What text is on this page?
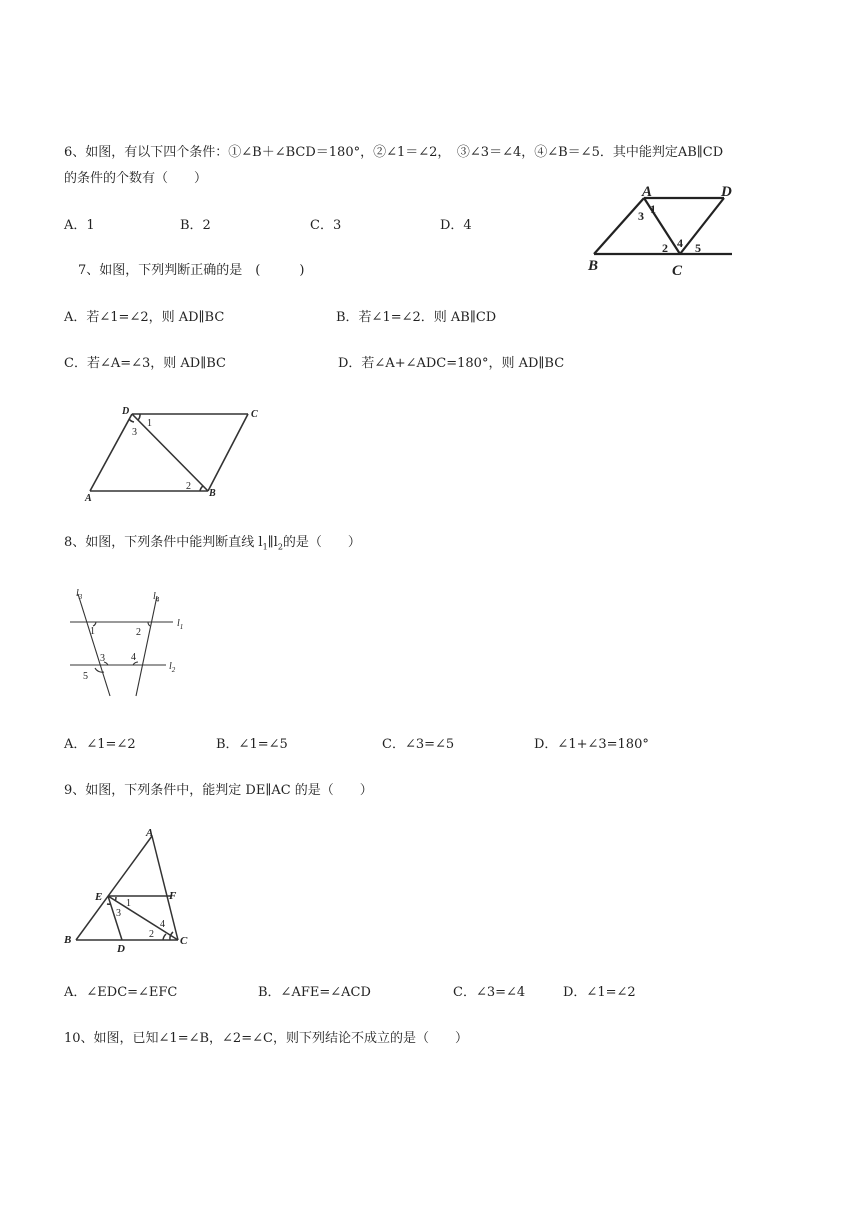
6、如图，有以下四个条件：①∠B＋∠BCD＝180°，②∠1＝∠2，　③∠3＝∠4，④∠B＝∠5．其中能判定AB∥CD
的条件的个数有（　　）
A．1	B．2	C．3	D．4
A	D
B	C
1
3
2 4 5
7、如图，下列判断正确的是　(　　　)
A．若∠1=∠2，则 AD∥BC	B．若∠1=∠2．则 AB∥CD
C．若∠A=∠3，则 AD∥BC	D．若∠A+∠ADC=180°，则 AD∥BC
D	C
A	B
1
3
2
8、如图，下列条件中能判断直线 $l_1\parallel l_2$的是（　　）
$l_3$	$l_4$
$l_1$
$l_2$
1	2
3	4
5
A．∠1=∠2	B．∠1=∠5	C．∠3=∠5	D．∠1+∠3=180°
9、如图，下列条件中，能判定 DE∥AC 的是（　　）
A
E	F
B
D
C
1
3
2
4
A．∠EDC=∠EFC	B．∠AFE=∠ACD	C．∠3=∠4	D．∠1=∠2
10、如图，已知∠1=∠B，∠2=∠C，则下列结论不成立的是（　　）
